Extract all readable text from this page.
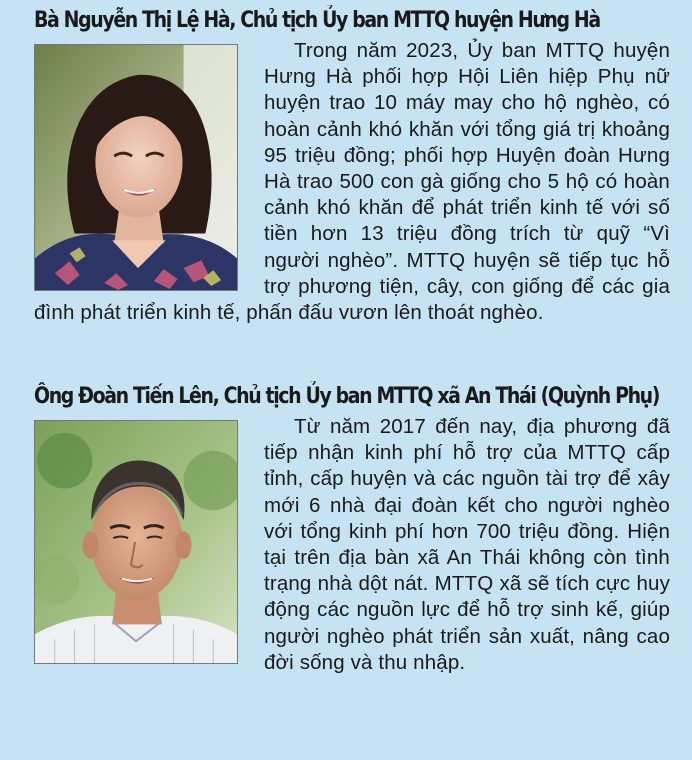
Bà Nguyễn Thị Lệ Hà, Chủ tịch Ủy ban MTTQ huyện Hưng Hà

Trong năm 2023, Ủy ban MTTQ huyện Hưng Hà phối hợp Hội Liên hiệp Phụ nữ huyện trao 10 máy may cho hộ nghèo, có hoàn cảnh khó khăn với tổng giá trị khoảng 95 triệu đồng; phối hợp Huyện đoàn Hưng Hà trao 500 con gà giống cho 5 hộ có hoàn cảnh khó khăn để phát triển kinh tế với số tiền hơn 13 triệu đồng trích từ quỹ “Vì người nghèo”. MTTQ huyện sẽ tiếp tục hỗ trợ phương tiện, cây, con giống để các gia đình phát triển kinh tế, phấn đấu vươn lên thoát nghèo.

Ông Đoàn Tiến Lên, Chủ tịch Ủy ban MTTQ xã An Thái (Quỳnh Phụ)

Từ năm 2017 đến nay, địa phương đã tiếp nhận kinh phí hỗ trợ của MTTQ cấp tỉnh, cấp huyện và các nguồn tài trợ để xây mới 6 nhà đại đoàn kết cho người nghèo với tổng kinh phí hơn 700 triệu đồng. Hiện tại trên địa bàn xã An Thái không còn tình trạng nhà dột nát. MTTQ xã sẽ tích cực huy động các nguồn lực để hỗ trợ sinh kế, giúp người nghèo phát triển sản xuất, nâng cao đời sống và thu nhập.
